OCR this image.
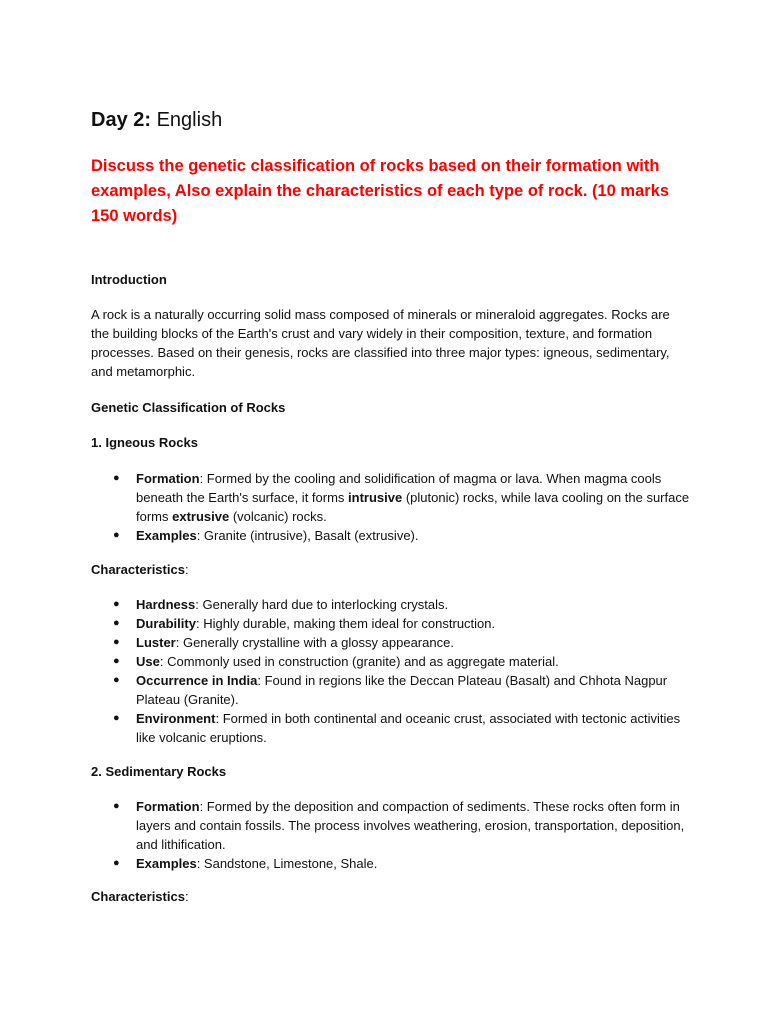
Day 2: English

Discuss the genetic classification of rocks based on their formation with examples, Also explain the characteristics of each type of rock. (10 marks 150 words)

Introduction

A rock is a naturally occurring solid mass composed of minerals or mineraloid aggregates. Rocks are the building blocks of the Earth's crust and vary widely in their composition, texture, and formation processes. Based on their genesis, rocks are classified into three major types: igneous, sedimentary, and metamorphic.

Genetic Classification of Rocks

1. Igneous Rocks

● Formation: Formed by the cooling and solidification of magma or lava. When magma cools beneath the Earth's surface, it forms intrusive (plutonic) rocks, while lava cooling on the surface forms extrusive (volcanic) rocks.
● Examples: Granite (intrusive), Basalt (extrusive).

Characteristics:

● Hardness: Generally hard due to interlocking crystals.
● Durability: Highly durable, making them ideal for construction.
● Luster: Generally crystalline with a glossy appearance.
● Use: Commonly used in construction (granite) and as aggregate material.
● Occurrence in India: Found in regions like the Deccan Plateau (Basalt) and Chhota Nagpur Plateau (Granite).
● Environment: Formed in both continental and oceanic crust, associated with tectonic activities like volcanic eruptions.

2. Sedimentary Rocks

● Formation: Formed by the deposition and compaction of sediments. These rocks often form in layers and contain fossils. The process involves weathering, erosion, transportation, deposition, and lithification.
● Examples: Sandstone, Limestone, Shale.

Characteristics:
